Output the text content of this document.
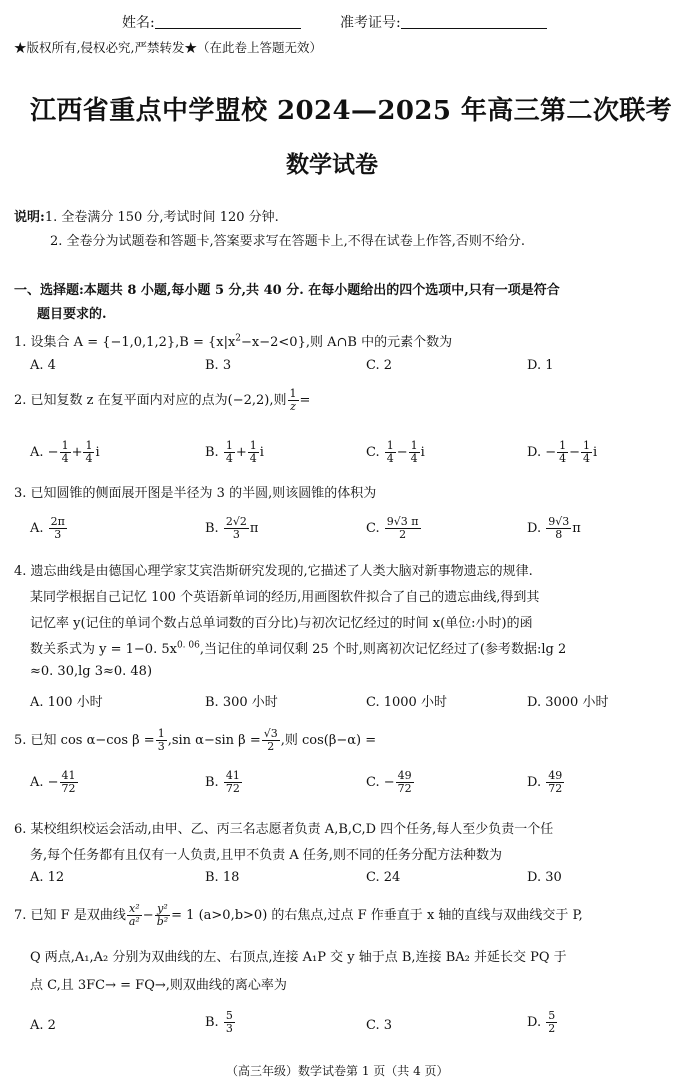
姓名:	准考证号:
★版权所有,侵权必究,严禁转发★（在此卷上答题无效）
江西省重点中学盟校 2024—2025 年高三第二次联考
数学试卷
说明:1. 全卷满分 150 分,考试时间 120 分钟.
2. 全卷分为试题卷和答题卡,答案要求写在答题卡上,不得在试卷上作答,否则不给分.
一、选择题:本题共 8 小题,每小题 5 分,共 40 分. 在每小题给出的四个选项中,只有一项是符合
题目要求的.
1. 设集合 $A = \{-1,0,1,2\},B = \{x|x^2-x-2<0\}$,则 A∩B 中的元素个数为
A. 4	B. 3	C. 2	D. 1
2. 已知复数 z 在复平面内对应的点为(−2,2),则 $\frac{1}{z}$ =
A. − $\frac{1}{4} + \frac{1}{4}$ i	B. $\frac{1}{4} + \frac{1}{4}$ i	C. $\frac{1}{4} - \frac{1}{4}$ i	D. − $\frac{1}{4} - \frac{1}{4}$ i
3. 已知圆锥的侧面展开图是半径为 3 的半圆,则该圆锥的体积为
A. $\frac{2\pi}{3}$	B. $\frac{2√2}{3}$ π	C. $\frac{9√3 \pi}{2}$	D. $\frac{9√3}{8}$ π
4. 遗忘曲线是由德国心理学家艾宾浩斯研究发现的,它描述了人类大脑对新事物遗忘的规律.
某同学根据自己记忆 100 个英语新单词的经历,用画图软件拟合了自己的遗忘曲线,得到其
记忆率 y(记住的单词个数占总单词数的百分比)与初次记忆经过的时间 x(单位:小时)的函
数关系式为 y = 1−0. $5x^{0. 06}$,当记住的单词仅剩 25 个时,则离初次记忆经过了(参考数据:lg 2
≈0. 30,lg 3≈0. 48)
A. 100 小时	B. 300 小时	C. 1000 小时	D. 3000 小时
5. 已知 cos α−cos $\beta = \frac{1}{3} ,\sin$ α−sin $\beta = \frac{√3}{2}$ ,则 cos(β−α) =
A. − $\frac{41}{72}$	B. $\frac{41}{72}$	C. − $\frac{49}{72}$	D. $\frac{49}{72}$
6. 某校组织校运会活动,由甲、乙、丙三名志愿者负责 A,B,C,D 四个任务,每人至少负责一个任
务,每个任务都有且仅有一人负责,且甲不负责 A 任务,则不同的任务分配方法种数为
A. 12	B. 18	C. 24	D. 30
7. 已知 F 是双曲线 $\frac{\text{x²}}{\text{a²}} - \frac{\text{y²}}{\text{b²}} = 1$ (a>0,b>0) 的右焦点,过点 F 作垂直于 x 轴的直线与双曲线交于 P,
Q 两点,A₁,A₂ 分别为双曲线的左、右顶点,连接 A₁P 交 y 轴于点 B,连接 BA₂ 并延长交 PQ 于
点 C,且 3FC→ = FQ→,则双曲线的离心率为
A. 2	B. $\frac{5}{3}$	C. 3	D. $\frac{5}{2}$
（高三年级）数学试卷第 1 页（共 4 页）
